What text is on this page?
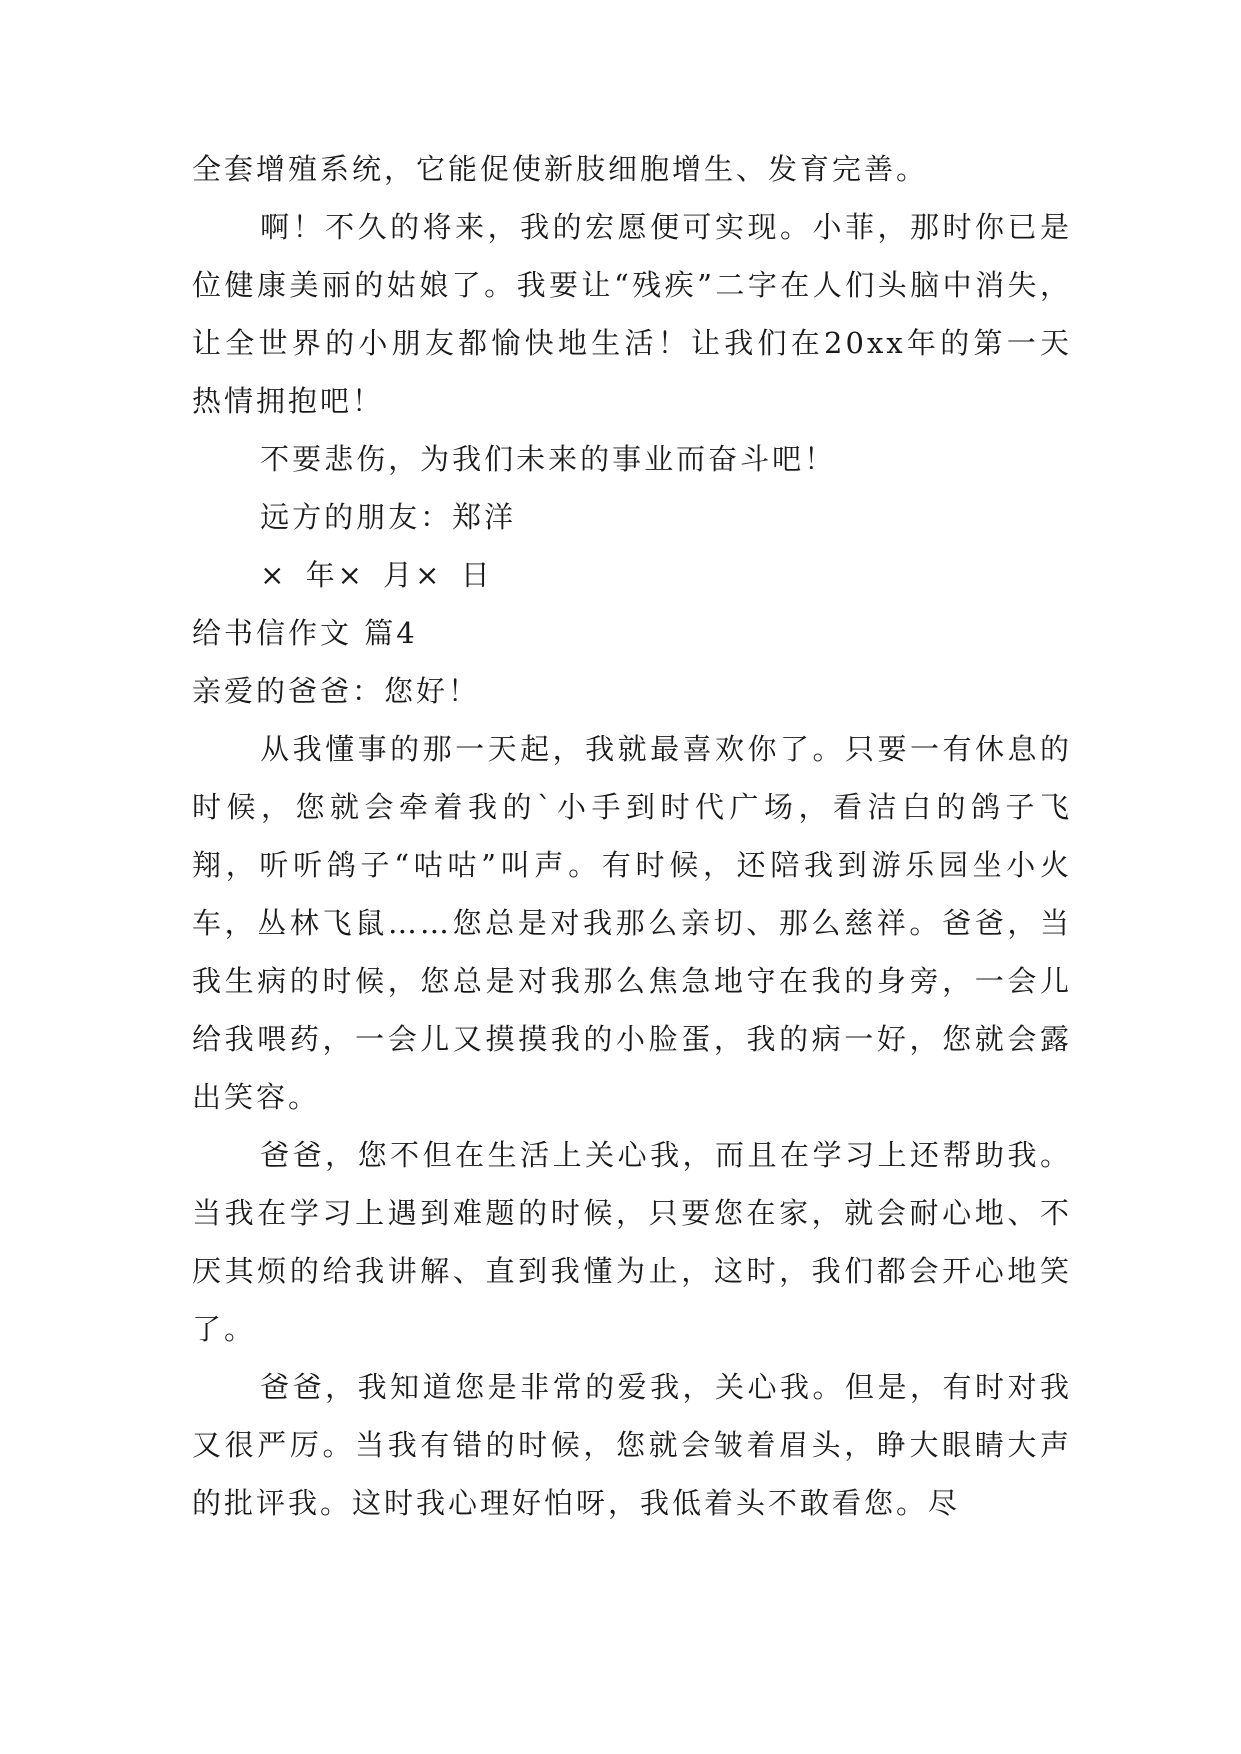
全套增殖系统，它能促使新肢细胞增生、发育完善。

啊！不久的将来，我的宏愿便可实现。小菲，那时你已是位健康美丽的姑娘了。我要让“残疾”二字在人们头脑中消失，让全世界的小朋友都愉快地生活！让我们在20xx年的第一天热情拥抱吧！

不要悲伤，为我们未来的事业而奋斗吧！

远方的朋友：郑洋

× 年× 月× 日

给书信作文 篇4

亲爱的爸爸：您好！

从我懂事的那一天起，我就最喜欢你了。只要一有休息的时候，您就会牵着我的`小手到时代广场，看洁白的鸽子飞翔，听听鸽子“咕咕”叫声。有时候，还陪我到游乐园坐小火车，丛林飞鼠……您总是对我那么亲切、那么慈祥。爸爸，当我生病的时候，您总是对我那么焦急地守在我的身旁，一会儿给我喂药，一会儿又摸摸我的小脸蛋，我的病一好，您就会露出笑容。

爸爸，您不但在生活上关心我，而且在学习上还帮助我。当我在学习上遇到难题的时候，只要您在家，就会耐心地、不厌其烦的给我讲解、直到我懂为止，这时，我们都会开心地笑了。

爸爸，我知道您是非常的爱我，关心我。但是，有时对我又很严厉。当我有错的时候，您就会皱着眉头，睁大眼睛大声的批评我。这时我心理好怕呀，我低着头不敢看您。尽
